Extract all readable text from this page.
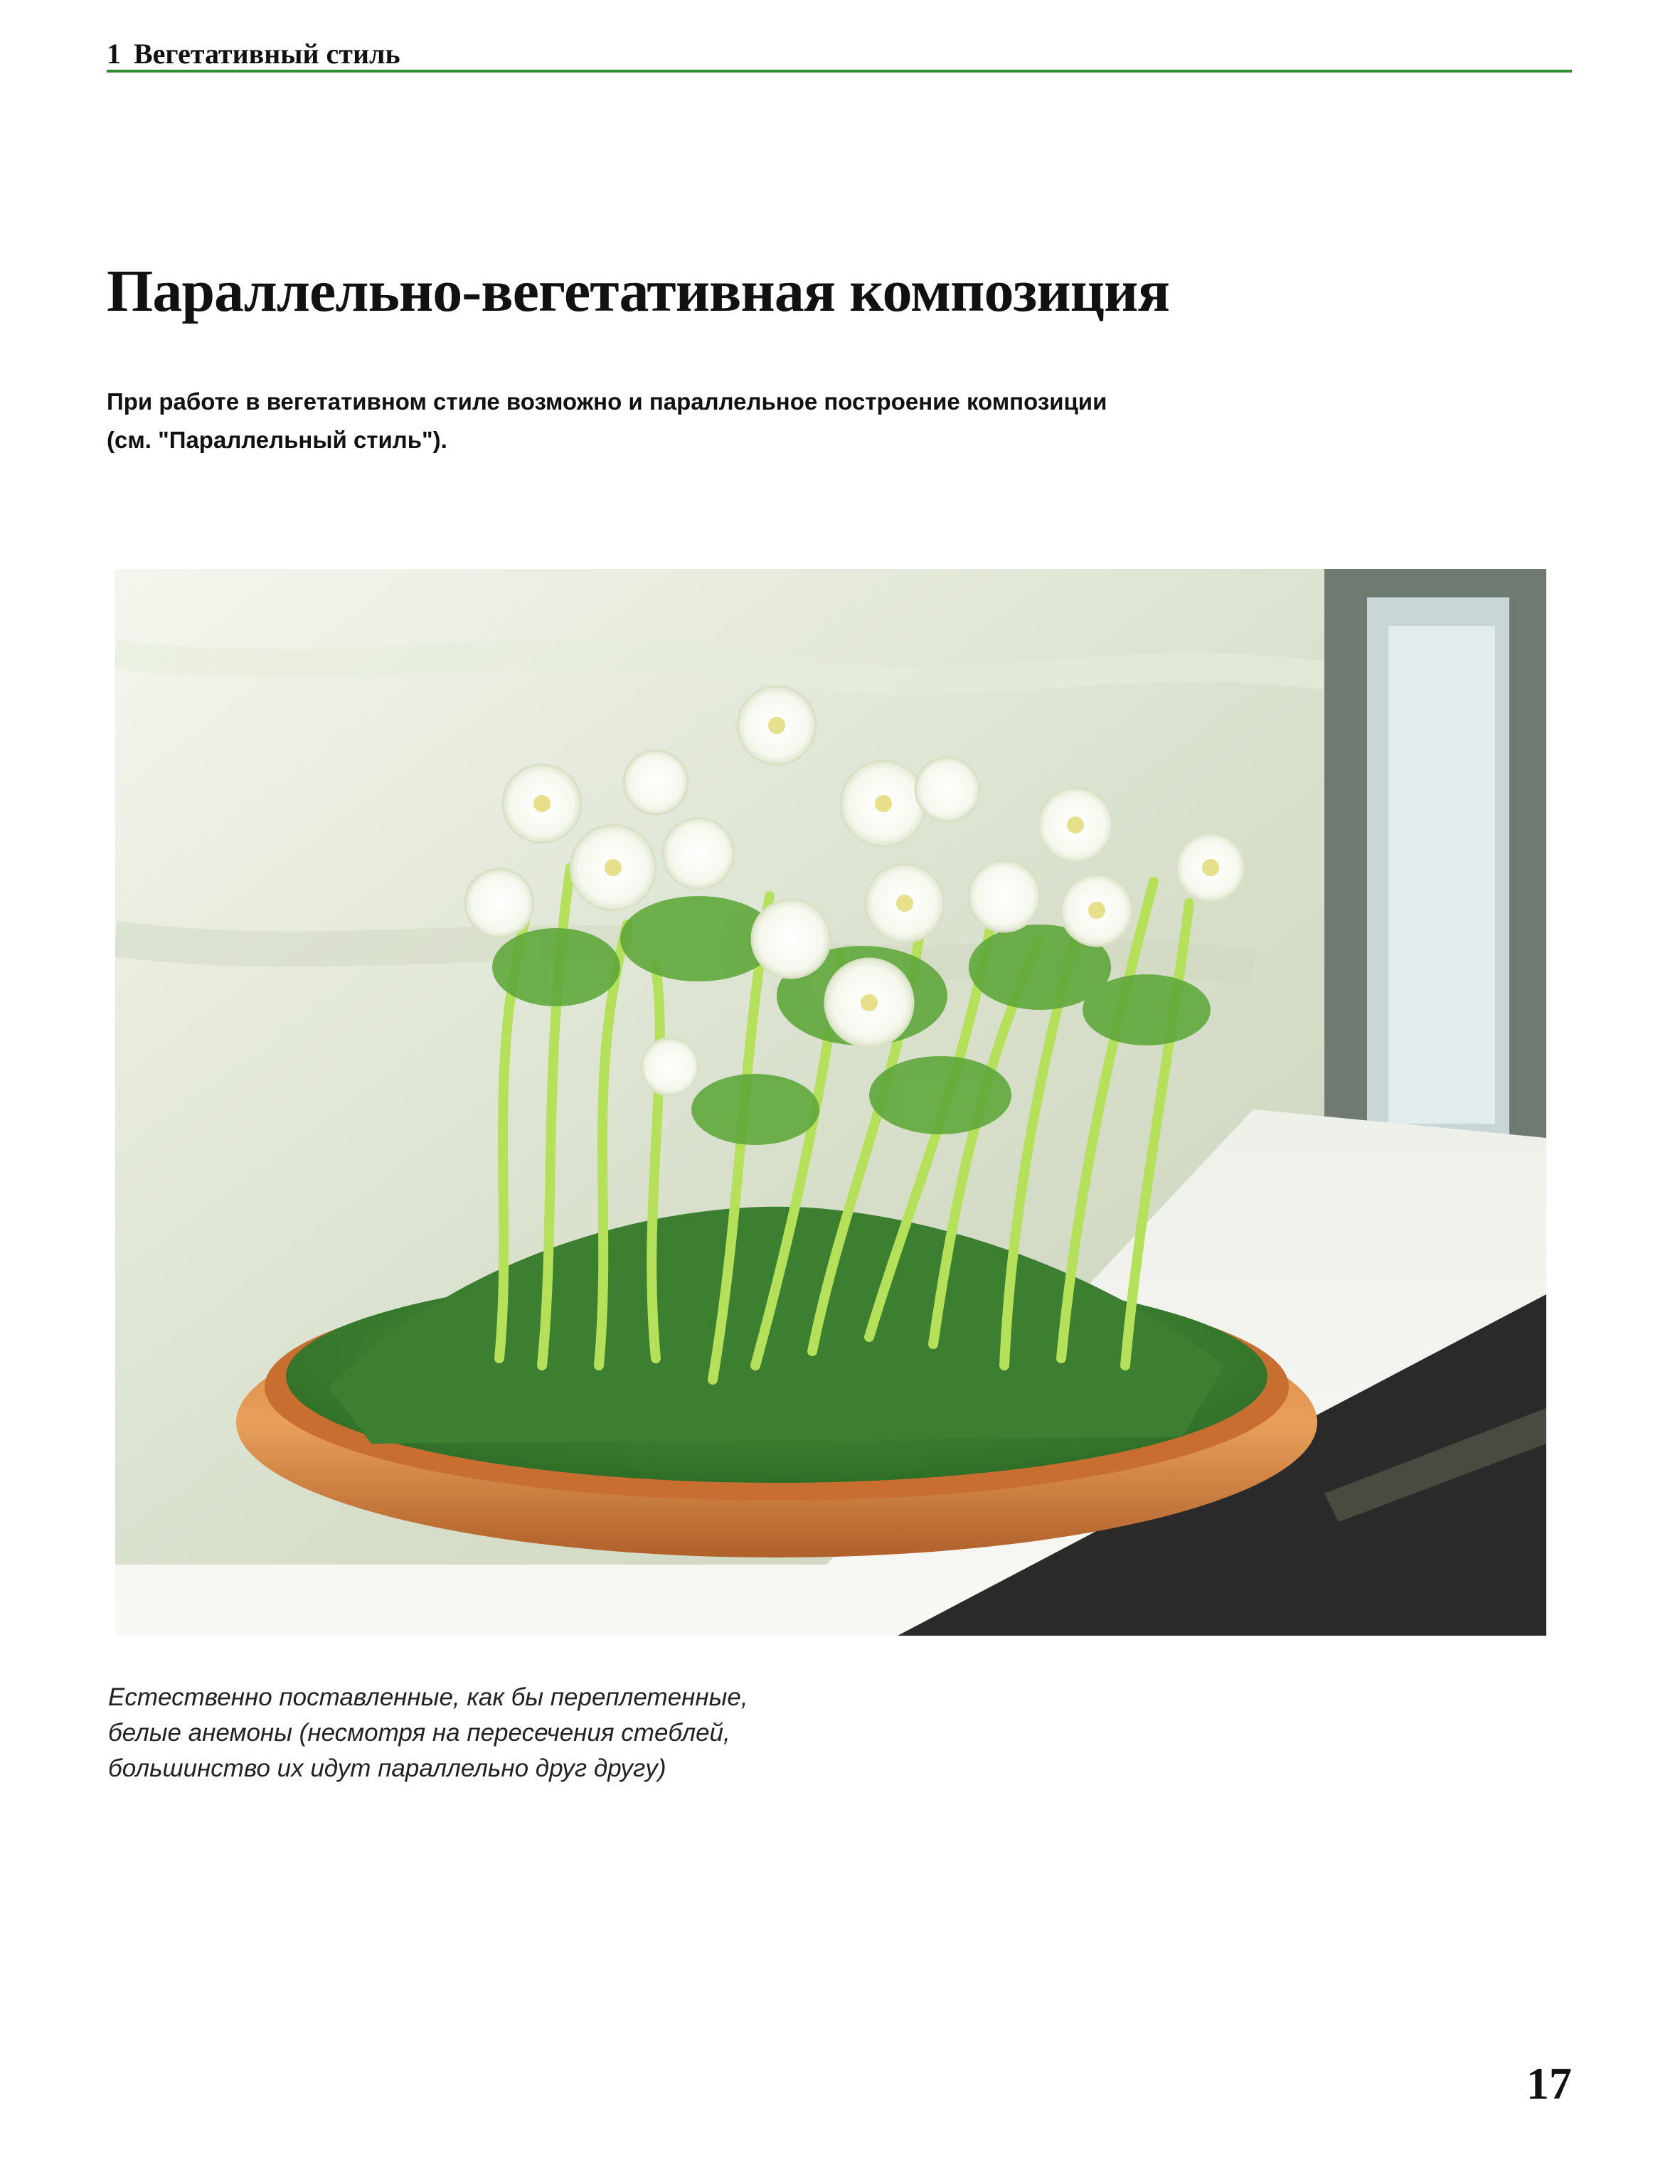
1 Вегетативный стиль
Параллельно-вегетативная композиция
При работе в вегетативном стиле возможно и параллельное построение композиции
(см. "Параллельный стиль").
Естественно поставленные, как бы переплетенные,
белые анемоны (несмотря на пересечения стеблей,
большинство их идут параллельно друг другу)
17
